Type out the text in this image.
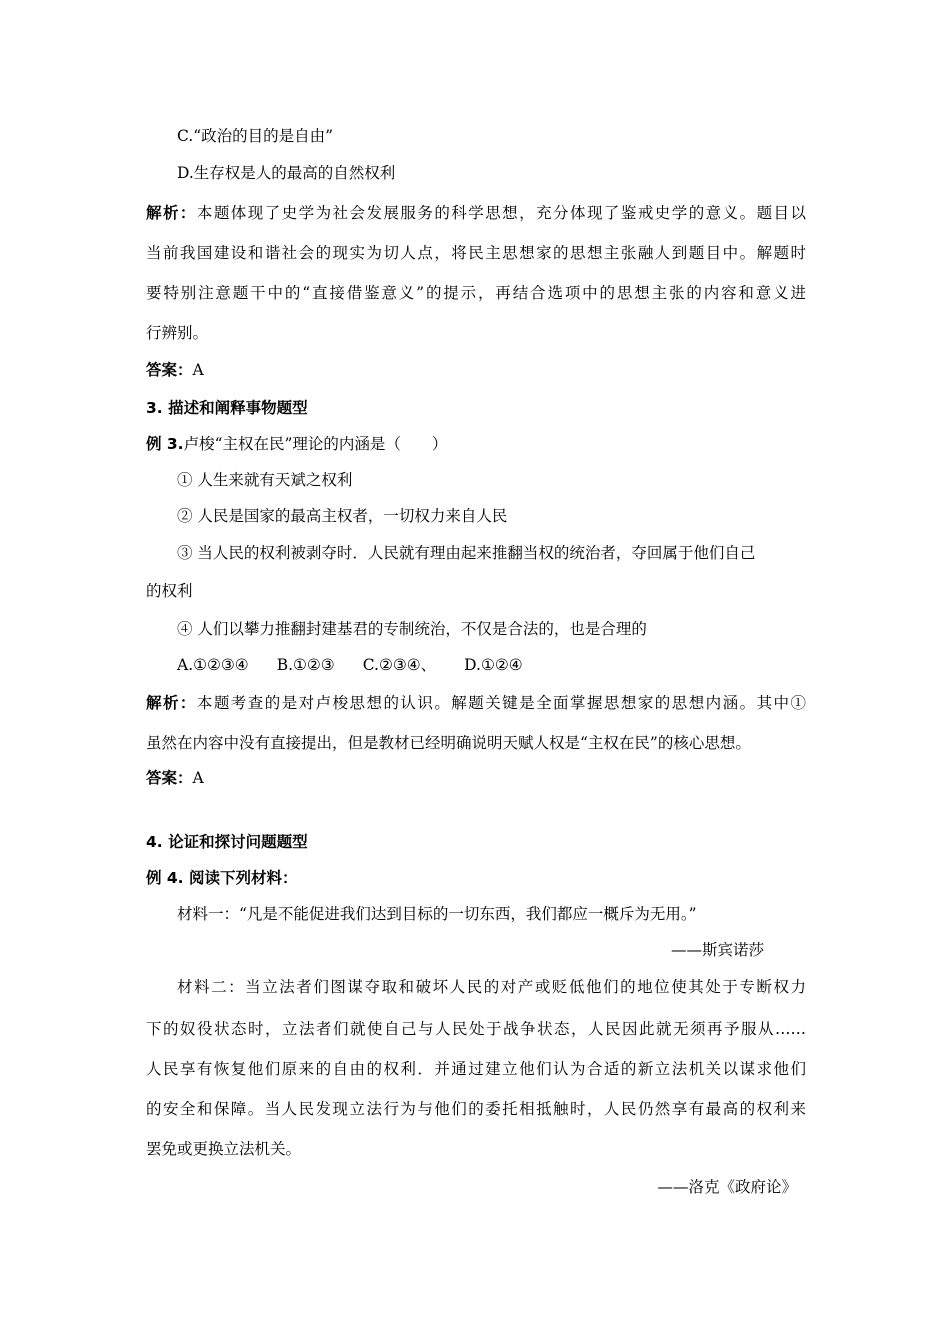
C.“政治的目的是自由”
D.生存权是人的最高的自然权利
解析：本题体现了史学为社会发展服务的科学思想，充分体现了鉴戒史学的意义。题目以
当前我国建设和谐社会的现实为切人点，将民主思想家的思想主张融人到题目中。解题时
要特别注意题干中的“直接借鉴意义”的提示，再结合选项中的思想主张的内容和意义进
行辨别。
答案：A
3. 描述和阐释事物题型
例 3.卢梭“主权在民”理论的内涵是（　　）
① 人生来就有天斌之权利
② 人民是国家的最高主权者，一切权力来自人民
③ 当人民的权利被剥夺时．人民就有理由起来推翻当权的统治者，夺回属于他们自己
的权利
④ 人们以攀力推翻封建基君的专制统治，不仅是合法的，也是合理的
A.①②③④ B.①②③ C.②③④、 D.①②④
解析：本题考查的是对卢梭思想的认识。解题关键是全面掌握思想家的思想内涵。其中①
虽然在内容中没有直接提出，但是教材已经明确说明天赋人权是“主权在民”的核心思想。
答案：A
4. 论证和探讨问题题型
例 4. 阅读下列材料：
材料一：“凡是不能促进我们达到目标的一切东西，我们都应一概斥为无用。”
——斯宾诺莎
材料二：当立法者们图谋夺取和破坏人民的对产或贬低他们的地位使其处于专断权力
下的奴役状态时，立法者们就使自己与人民处于战争状态，人民因此就无须再予服从……
人民享有恢复他们原来的自由的权利．并通过建立他们认为合适的新立法机关以谋求他们
的安全和保障。当人民发现立法行为与他们的委托相抵触时，人民仍然享有最高的权利来
罢免或更换立法机关。
——洛克《政府论》
